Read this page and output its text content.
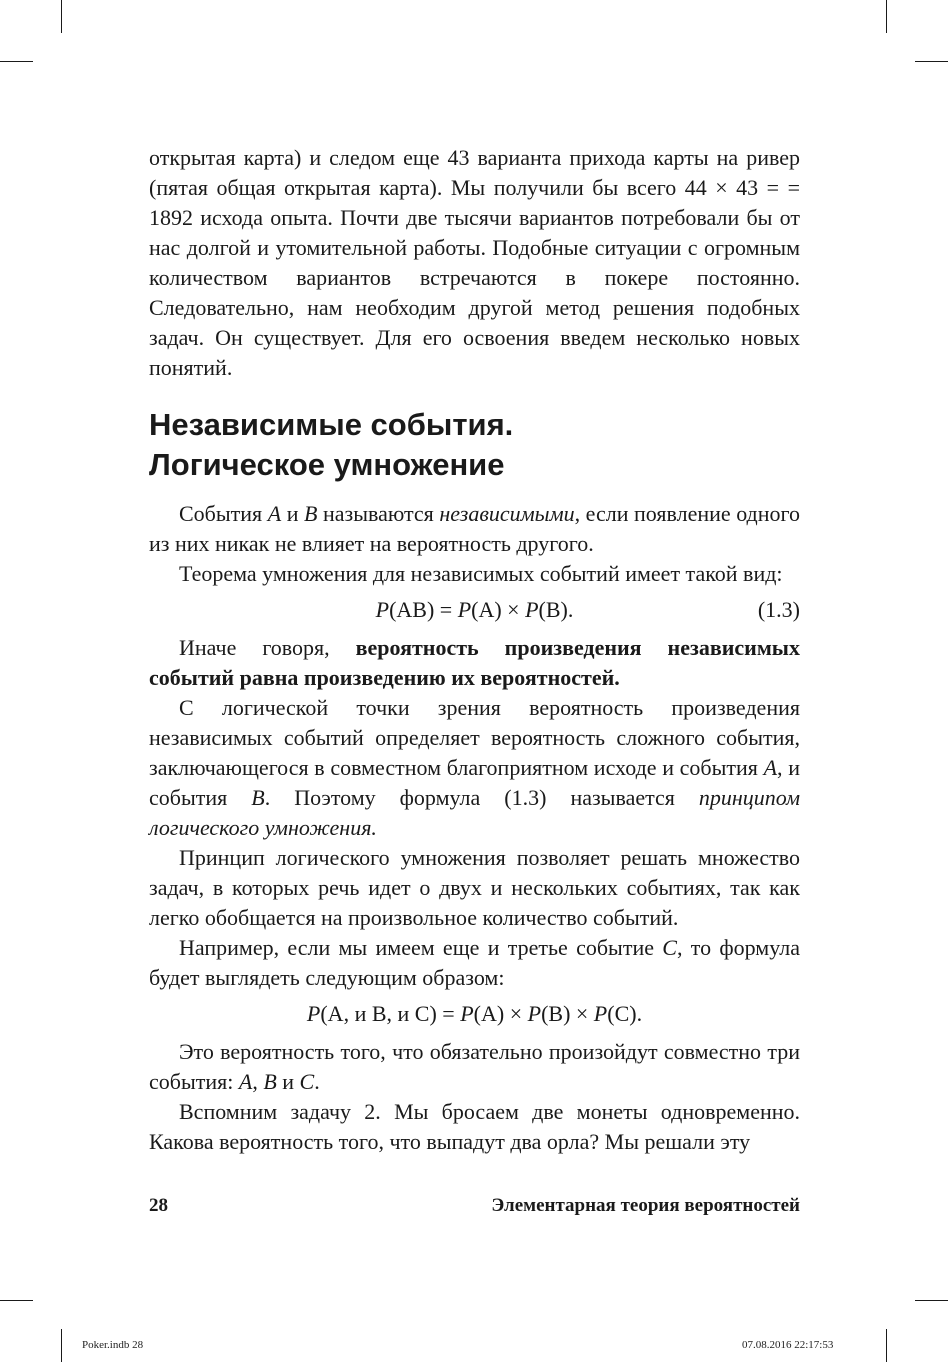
открытая карта) и следом еще 43 варианта прихода карты на ривер (пятая общая открытая карта). Мы получили бы всего 44 × 43 = = 1892 исхода опыта. Почти две тысячи вариантов потребовали бы от нас долгой и утомительной работы. Подобные ситуации с огромным количеством вариантов встречаются в покере постоянно. Следовательно, нам необходим другой метод решения подобных задач. Он существует. Для его освоения введем несколько новых понятий.

Независимые события.
Логическое умножение

События A и B называются независимыми, если появление одного из них никак не влияет на вероятность другого.

Теорема умножения для независимых событий имеет такой вид:

P(AB) = P(A) × P(B).	(1.3)

Иначе говоря, вероятность произведения независимых событий равна произведению их вероятностей.

С логической точки зрения вероятность произведения независимых событий определяет вероятность сложного события, заключающегося в совместном благоприятном исходе и события A, и события B. Поэтому формула (1.3) называется принципом логического умножения.

Принцип логического умножения позволяет решать множество задач, в которых речь идет о двух и нескольких событиях, так как легко обобщается на произвольное количество событий.

Например, если мы имеем еще и третье событие C, то формула будет выглядеть следующим образом:

P(A, и B, и C) = P(A) × P(B) × P(C).

Это вероятность того, что обязательно произойдут совместно три события: A, B и C.

Вспомним задачу 2. Мы бросаем две монеты одновременно. Какова вероятность того, что выпадут два орла? Мы решали эту

28	Элементарная теория вероятностей
Poker.indb 28	07.08.2016 22:17:53
